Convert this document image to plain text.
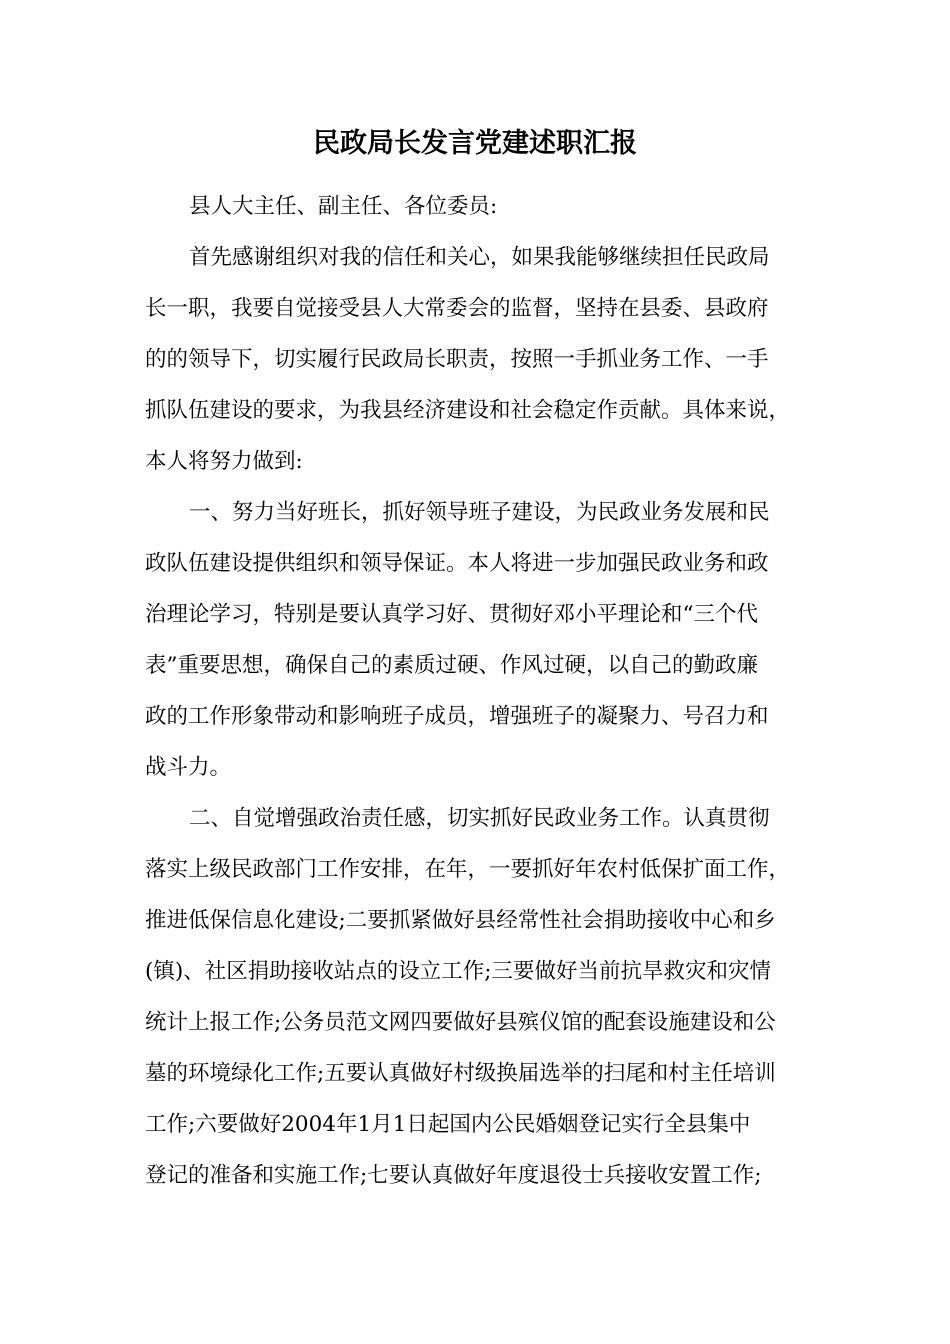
民政局长发言党建述职汇报
县人大主任、副主任、各位委员:
首先感谢组织对我的信任和关心，如果我能够继续担任民政局
长一职，我要自觉接受县人大常委会的监督，坚持在县委、县政府
的的领导下，切实履行民政局长职责，按照一手抓业务工作、一手
抓队伍建设的要求，为我县经济建设和社会稳定作贡献。具体来说，
本人将努力做到:
一、努力当好班长，抓好领导班子建设，为民政业务发展和民
政队伍建设提供组织和领导保证。本人将进一步加强民政业务和政
治理论学习，特别是要认真学习好、贯彻好邓小平理论和“三个代
表”重要思想，确保自己的素质过硬、作风过硬，以自己的勤政廉
政的工作形象带动和影响班子成员，增强班子的凝聚力、号召力和
战斗力。
二、自觉增强政治责任感，切实抓好民政业务工作。认真贯彻
落实上级民政部门工作安排，在年，一要抓好年农村低保扩面工作，
推进低保信息化建设;二要抓紧做好县经常性社会捐助接收中心和乡
(镇)、社区捐助接收站点的设立工作;三要做好当前抗旱救灾和灾情
统计上报工作;公务员范文网四要做好县殡仪馆的配套设施建设和公
墓的环境绿化工作;五要认真做好村级换届选举的扫尾和村主任培训
工作;六要做好2004年1月1日起国内公民婚姻登记实行全县集中
登记的准备和实施工作;七要认真做好年度退役士兵接收安置工作;
